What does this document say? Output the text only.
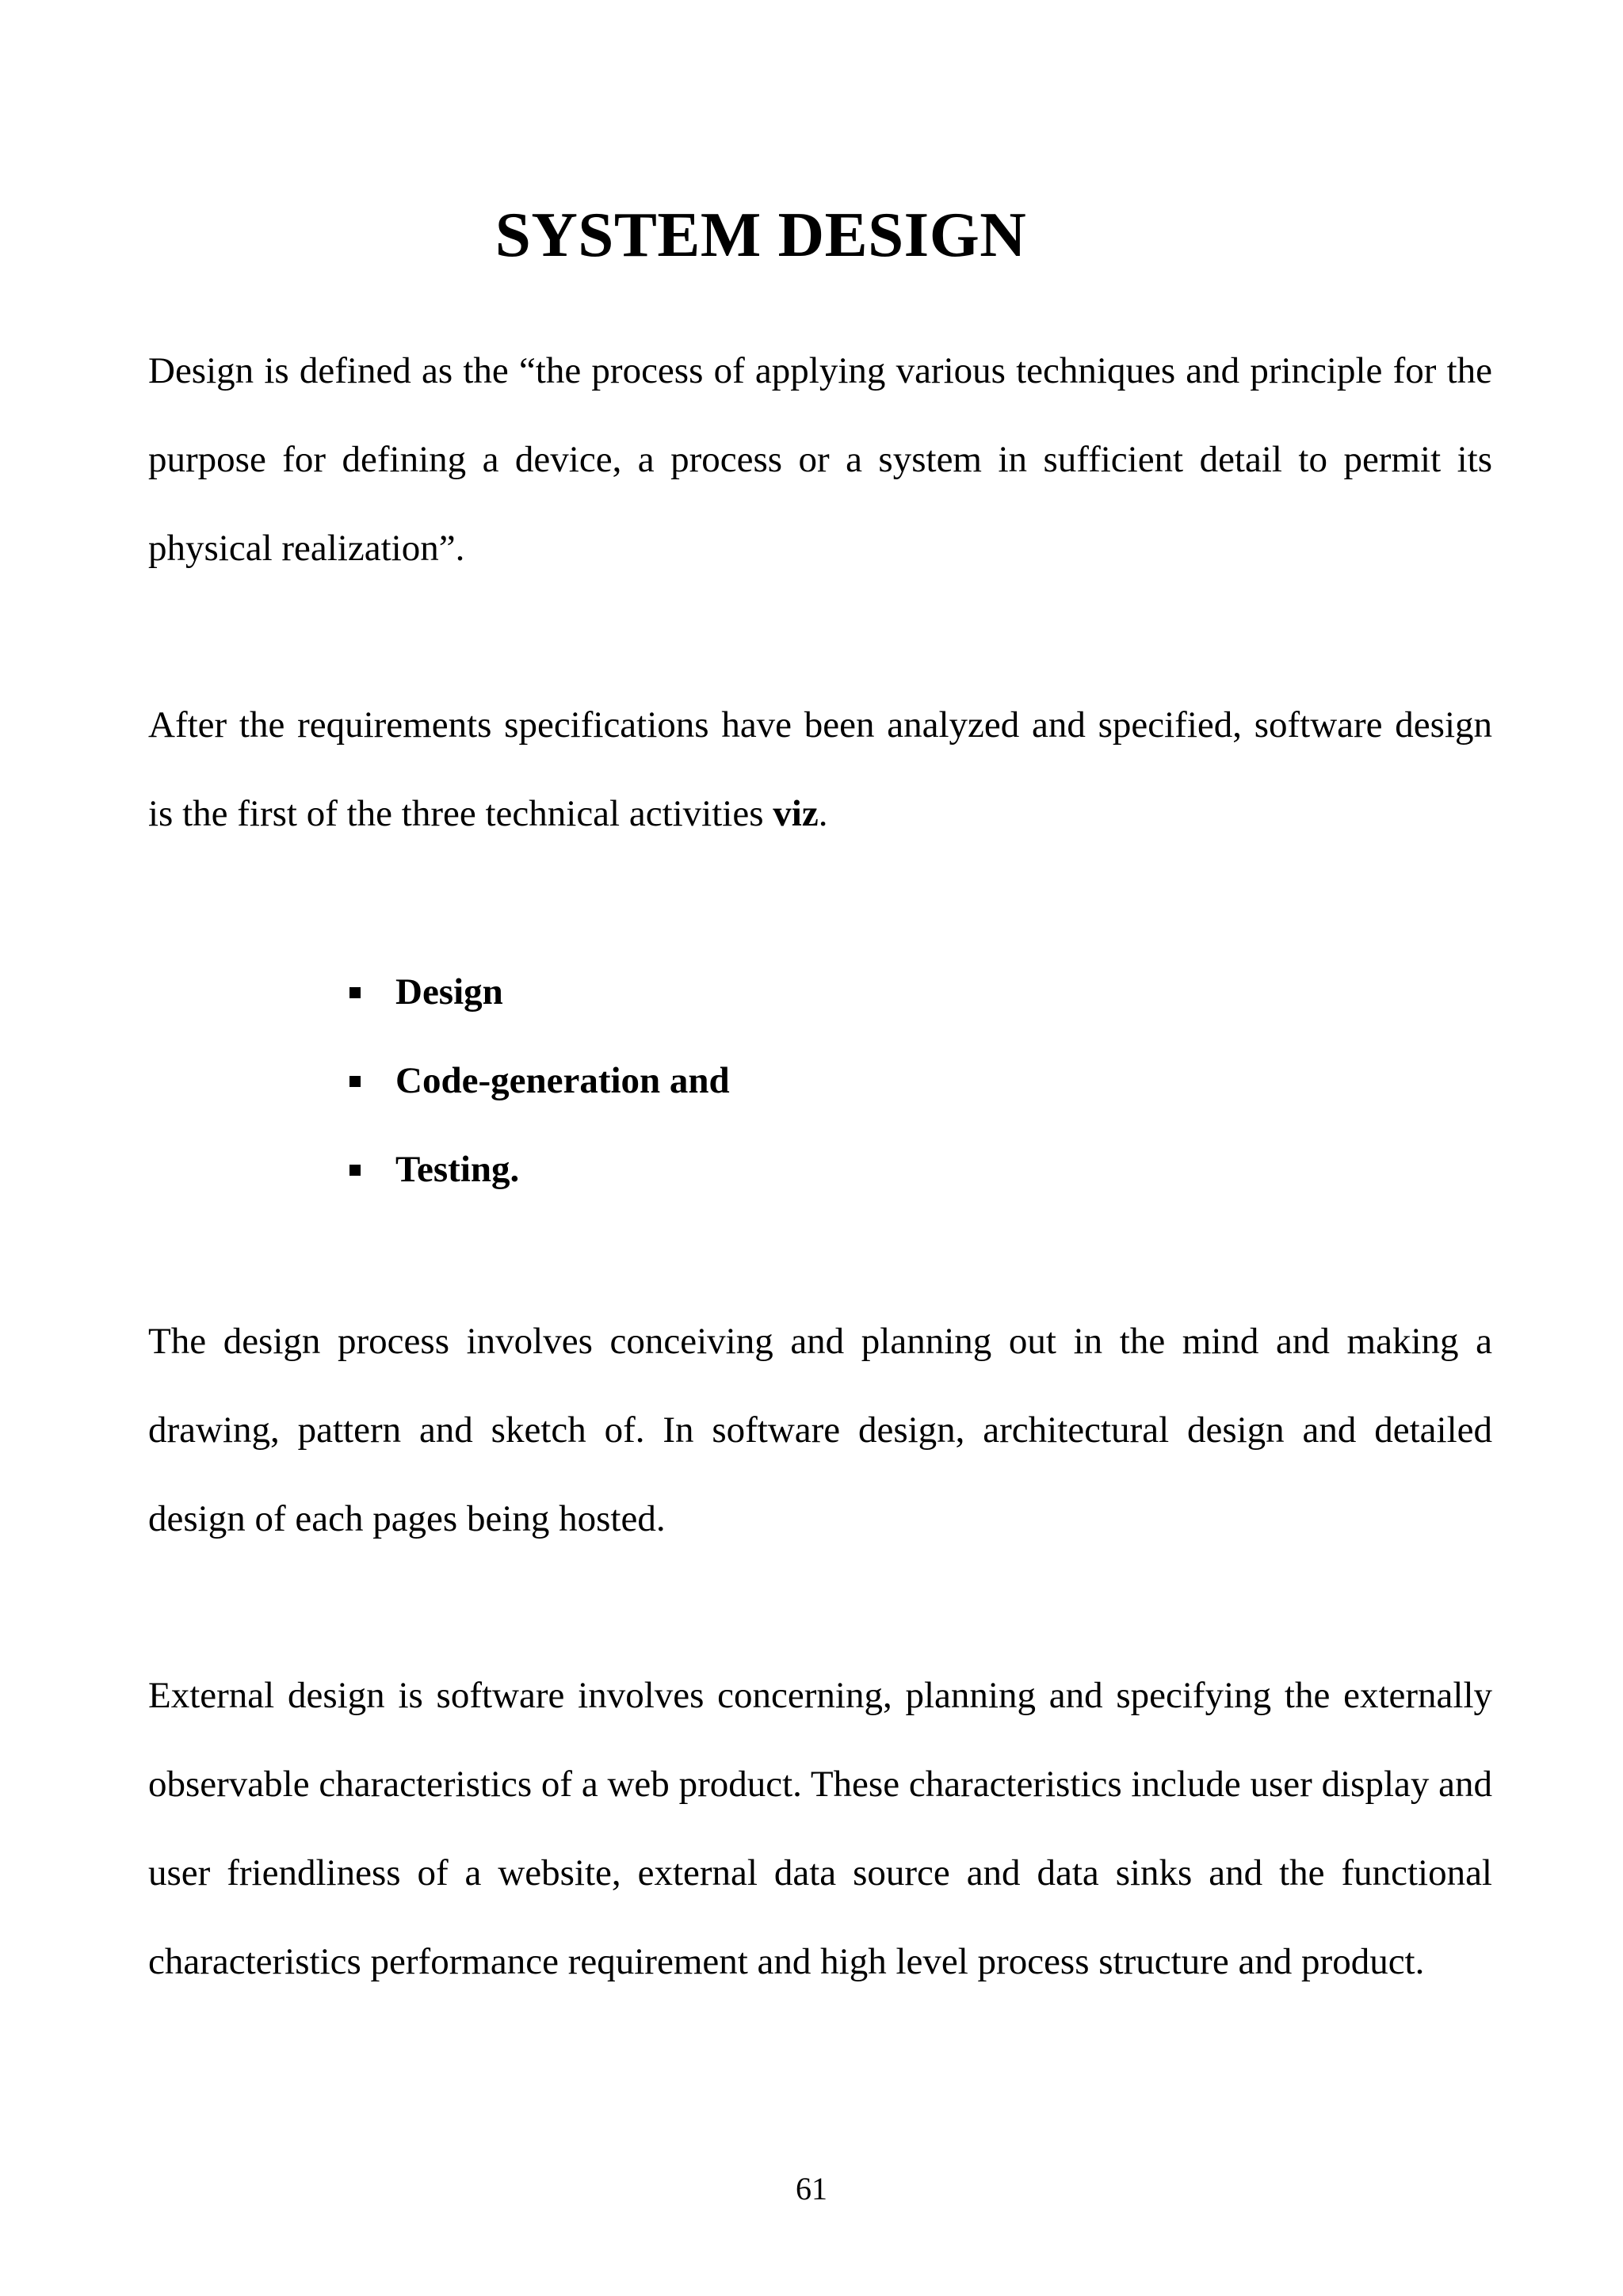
SYSTEM DESIGN

Design is defined as the “the process of applying various techniques and principle for the purpose for defining a device, a process or a system in sufficient detail to permit its physical realization”.

After the requirements specifications have been analyzed and specified, software design is the first of the three technical activities viz.

Design
Code-generation and
Testing.

The design process involves conceiving and planning out in the mind and making a drawing, pattern and sketch of. In software design, architectural design and detailed design of each pages being hosted.

External design is software involves concerning, planning and specifying the externally observable characteristics of a web product. These characteristics include user display and user friendliness of a website, external data source and data sinks and the functional characteristics performance requirement and high level process structure and product.

61
